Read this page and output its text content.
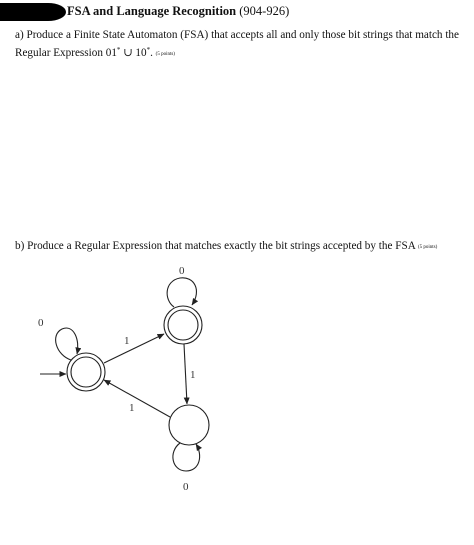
FSA and Language Recognition (904-926)
a) Produce a Finite State Automaton (FSA) that accepts all and only those bit strings that match the
Regular Expression 01* ∪ 10*. (5 points)
b) Produce a Regular Expression that matches exactly the bit strings accepted by the FSA (5 points)
0
0
0
1
1
1
